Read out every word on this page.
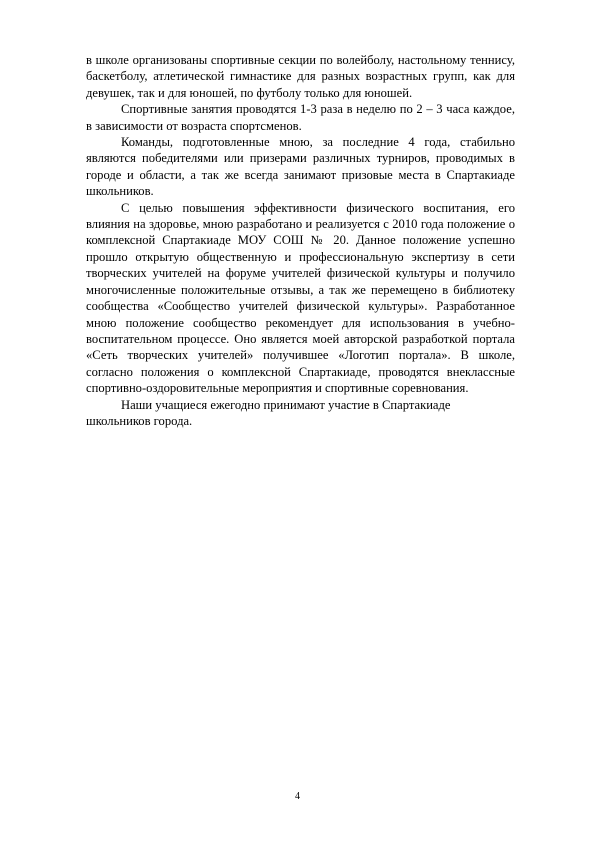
в школе организованы спортивные секции по волейболу, настольному теннису, баскетболу, атлетической гимнастике для разных возрастных групп, как для девушек, так и для юношей, по футболу только для юношей.

Спортивные занятия проводятся 1-3 раза в неделю по 2 – 3 часа каждое, в зависимости от возраста спортсменов.

Команды, подготовленные мною, за последние 4 года, стабильно являются победителями или призерами различных турниров, проводимых в городе и области, а так же всегда занимают призовые места в Спартакиаде школьников.

С целью повышения эффективности физического воспитания, его влияния на здоровье, мною разработано и реализуется с 2010 года положение о комплексной Спартакиаде МОУ СОШ № 20. Данное положение успешно прошло открытую общественную и профессиональную экспертизу в сети творческих учителей на форуме учителей физической культуры и получило многочисленные положительные отзывы, а так же перемещено в библиотеку сообщества «Сообщество учителей физической культуры». Разработанное мною положение сообщество рекомендует для использования в учебно-воспитательном процессе. Оно является моей авторской разработкой портала «Сеть творческих учителей» получившее «Логотип портала». В школе, согласно положения о комплексной Спартакиаде, проводятся внеклассные спортивно-оздоровительные мероприятия и спортивные соревнования.

Наши учащиеся ежегодно принимают участие в Спартакиаде школьников города.

4
